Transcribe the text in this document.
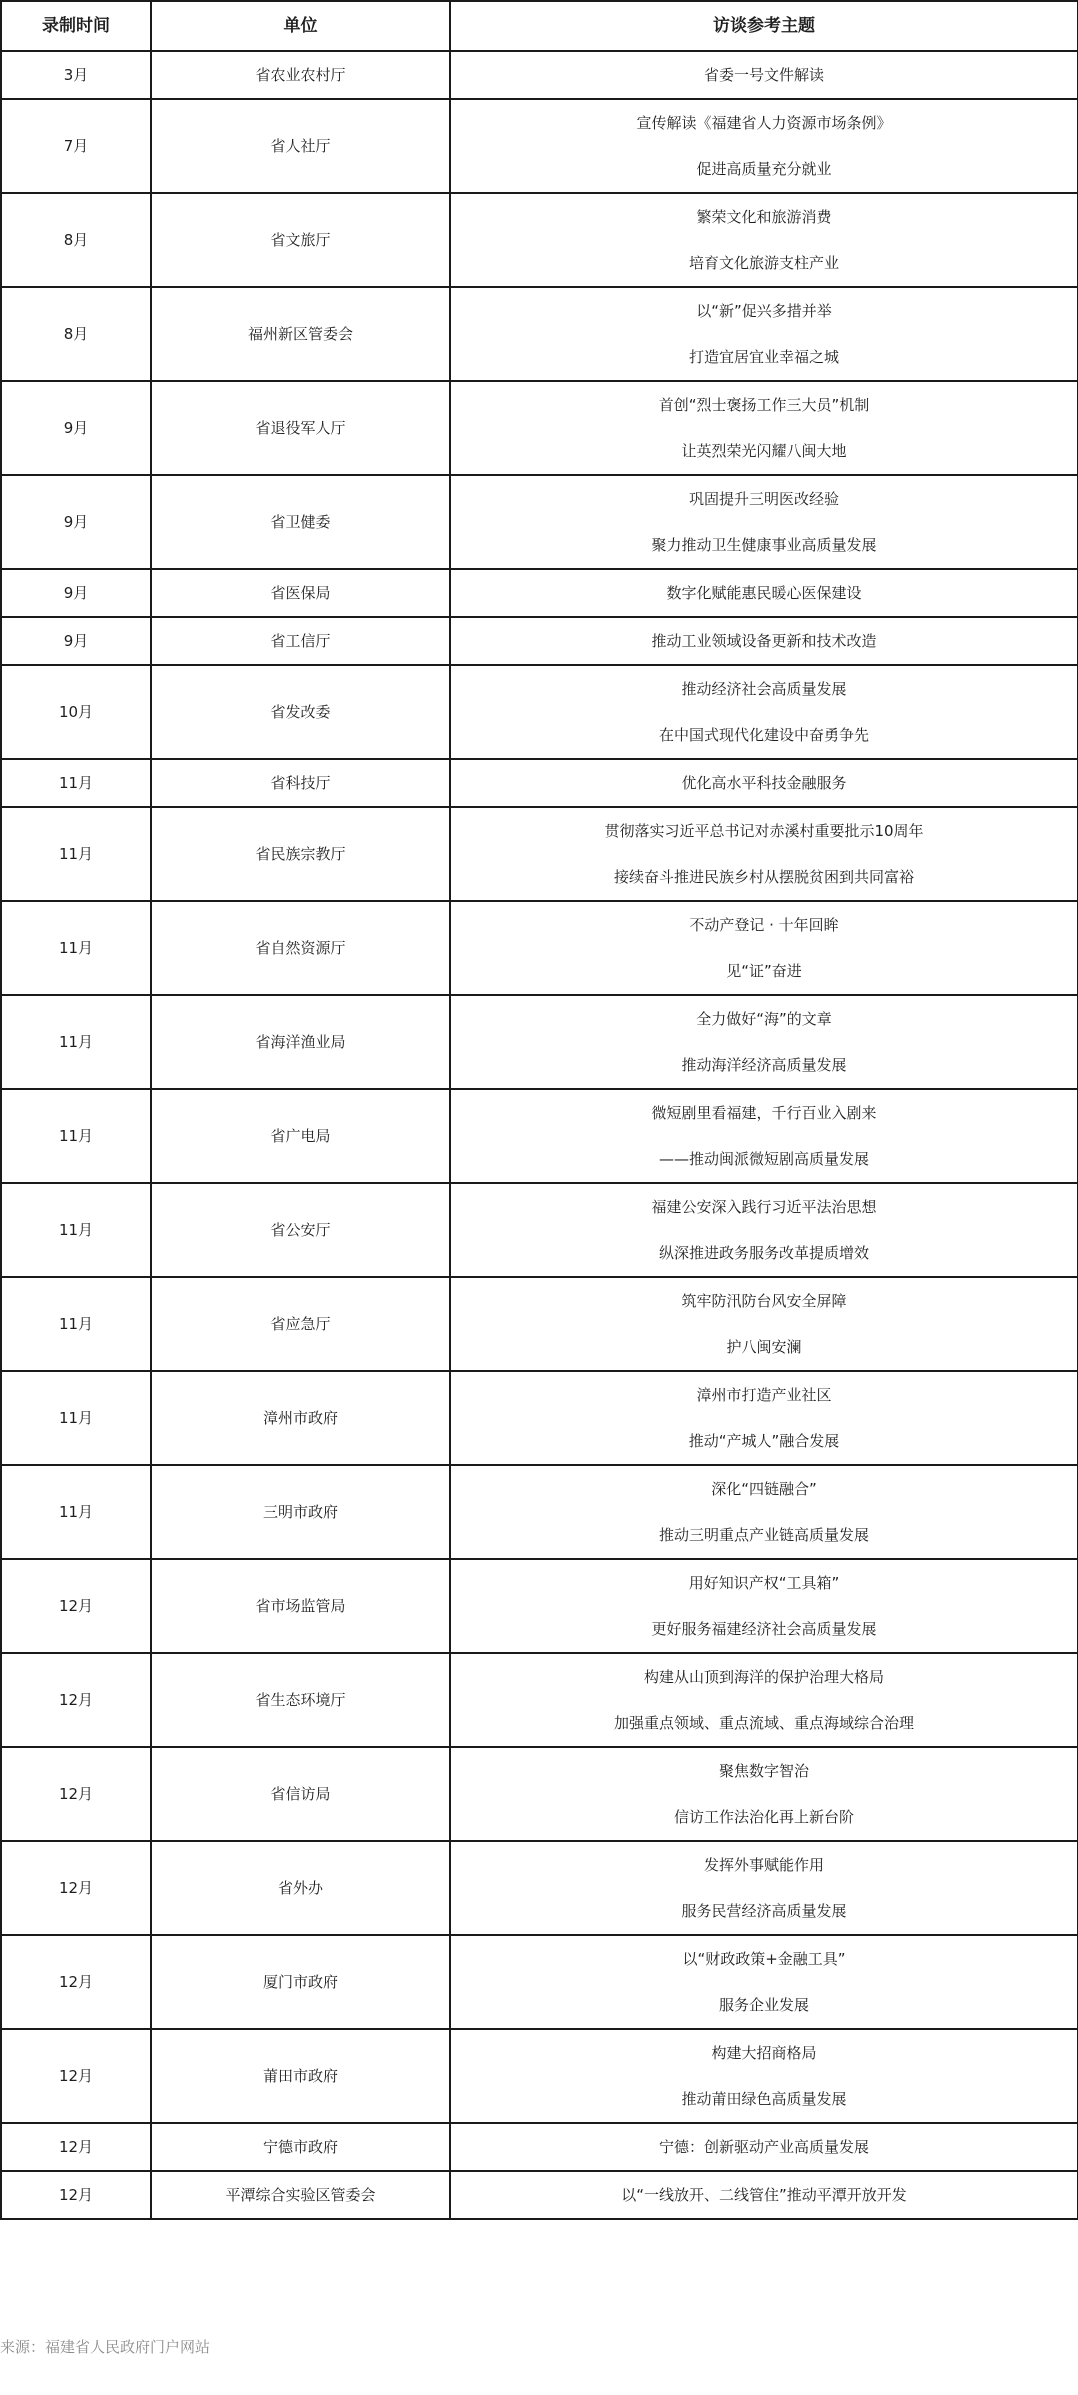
录制时间	单位	访谈参考主题
3月	省农业农村厅	省委一号文件解读

7月	省人社厅	宣传解读《福建省人力资源市场条例》
促进高质量充分就业

8月	省文旅厅	繁荣文化和旅游消费
培育文化旅游支柱产业

8月	福州新区管委会	以“新”促兴多措并举
打造宜居宜业幸福之城

9月	省退役军人厅	首创“烈士褒扬工作三大员”机制
让英烈荣光闪耀八闽大地

9月	省卫健委	巩固提升三明医改经验
聚力推动卫生健康事业高质量发展

9月	省医保局	数字化赋能惠民暖心医保建设

9月	省工信厅	推动工业领域设备更新和技术改造

10月	省发改委	推动经济社会高质量发展
在中国式现代化建设中奋勇争先

11月	省科技厅	优化高水平科技金融服务

11月	省民族宗教厅	贯彻落实习近平总书记对赤溪村重要批示10周年
接续奋斗推进民族乡村从摆脱贫困到共同富裕

11月	省自然资源厅	不动产登记 · 十年回眸
见“证”奋进

11月	省海洋渔业局	全力做好“海”的文章
推动海洋经济高质量发展

11月	省广电局	微短剧里看福建，千行百业入剧来
——推动闽派微短剧高质量发展

11月	省公安厅	福建公安深入践行习近平法治思想
纵深推进政务服务改革提质增效

11月	省应急厅	筑牢防汛防台风安全屏障
护八闽安澜

11月	漳州市政府	漳州市打造产业社区
推动“产城人”融合发展

11月	三明市政府	深化“四链融合”
推动三明重点产业链高质量发展

12月	省市场监管局	用好知识产权“工具箱”
更好服务福建经济社会高质量发展

12月	省生态环境厅	构建从山顶到海洋的保护治理大格局
加强重点领域、重点流域、重点海域综合治理

12月	省信访局	聚焦数字智治
信访工作法治化再上新台阶

12月	省外办	发挥外事赋能作用
服务民营经济高质量发展

12月	厦门市政府	以“财政政策+金融工具”
服务企业发展

12月	莆田市政府	构建大招商格局
推动莆田绿色高质量发展

12月	宁德市政府	宁德：创新驱动产业高质量发展

12月	平潭综合实验区管委会	以“一线放开、二线管住”推动平潭开放开发
来源：福建省人民政府门户网站
